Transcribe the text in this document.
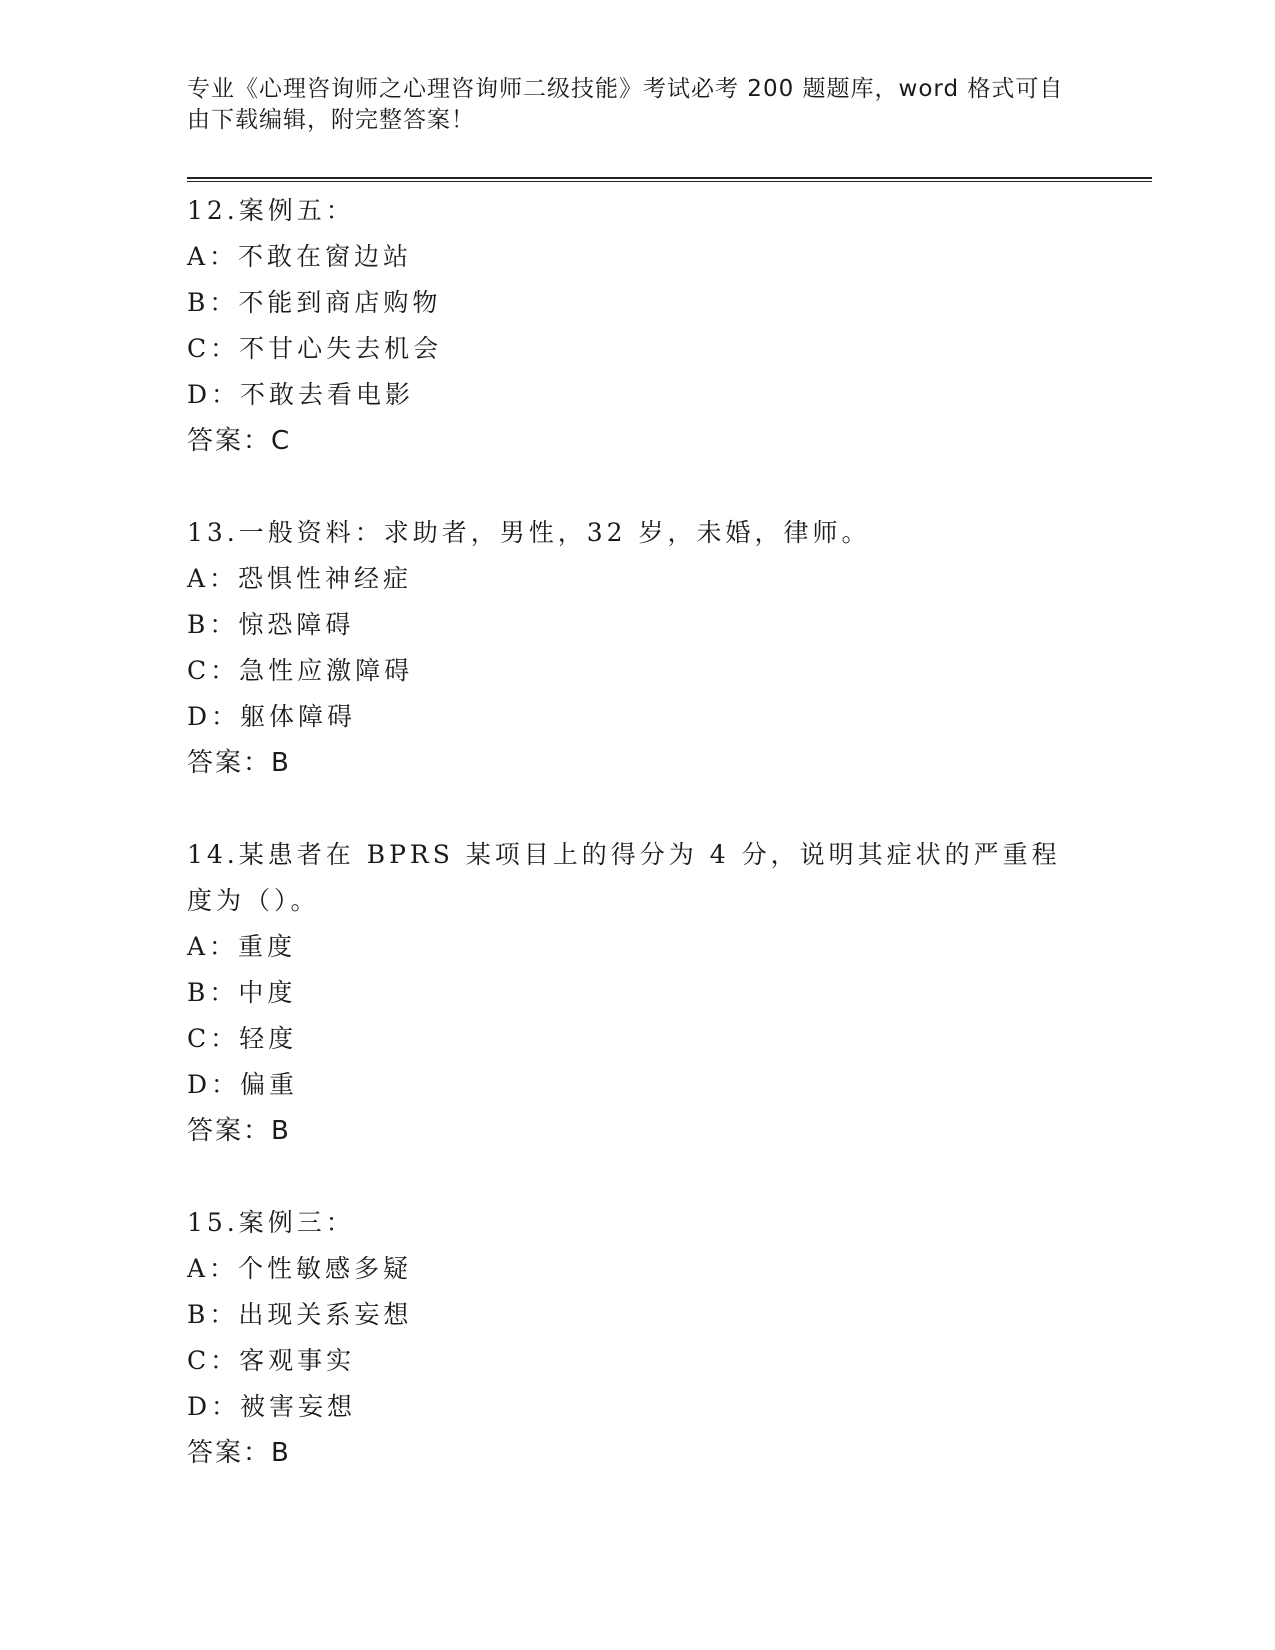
专业《心理咨询师之心理咨询师二级技能》考试必考 200 题题库，word 格式可自由下载编辑，附完整答案！
12.案例五：
A：不敢在窗边站
B：不能到商店购物
C：不甘心失去机会
D：不敢去看电影
答案：C
13.一般资料：求助者，男性，32 岁，未婚，律师。
A：恐惧性神经症
B：惊恐障碍
C：急性应激障碍
D：躯体障碍
答案：B
14.某患者在 BPRS 某项目上的得分为 4 分，说明其症状的严重程度为（）。
A：重度
B：中度
C：轻度
D：偏重
答案：B
15.案例三：
A：个性敏感多疑
B：出现关系妄想
C：客观事实
D：被害妄想
答案：B
